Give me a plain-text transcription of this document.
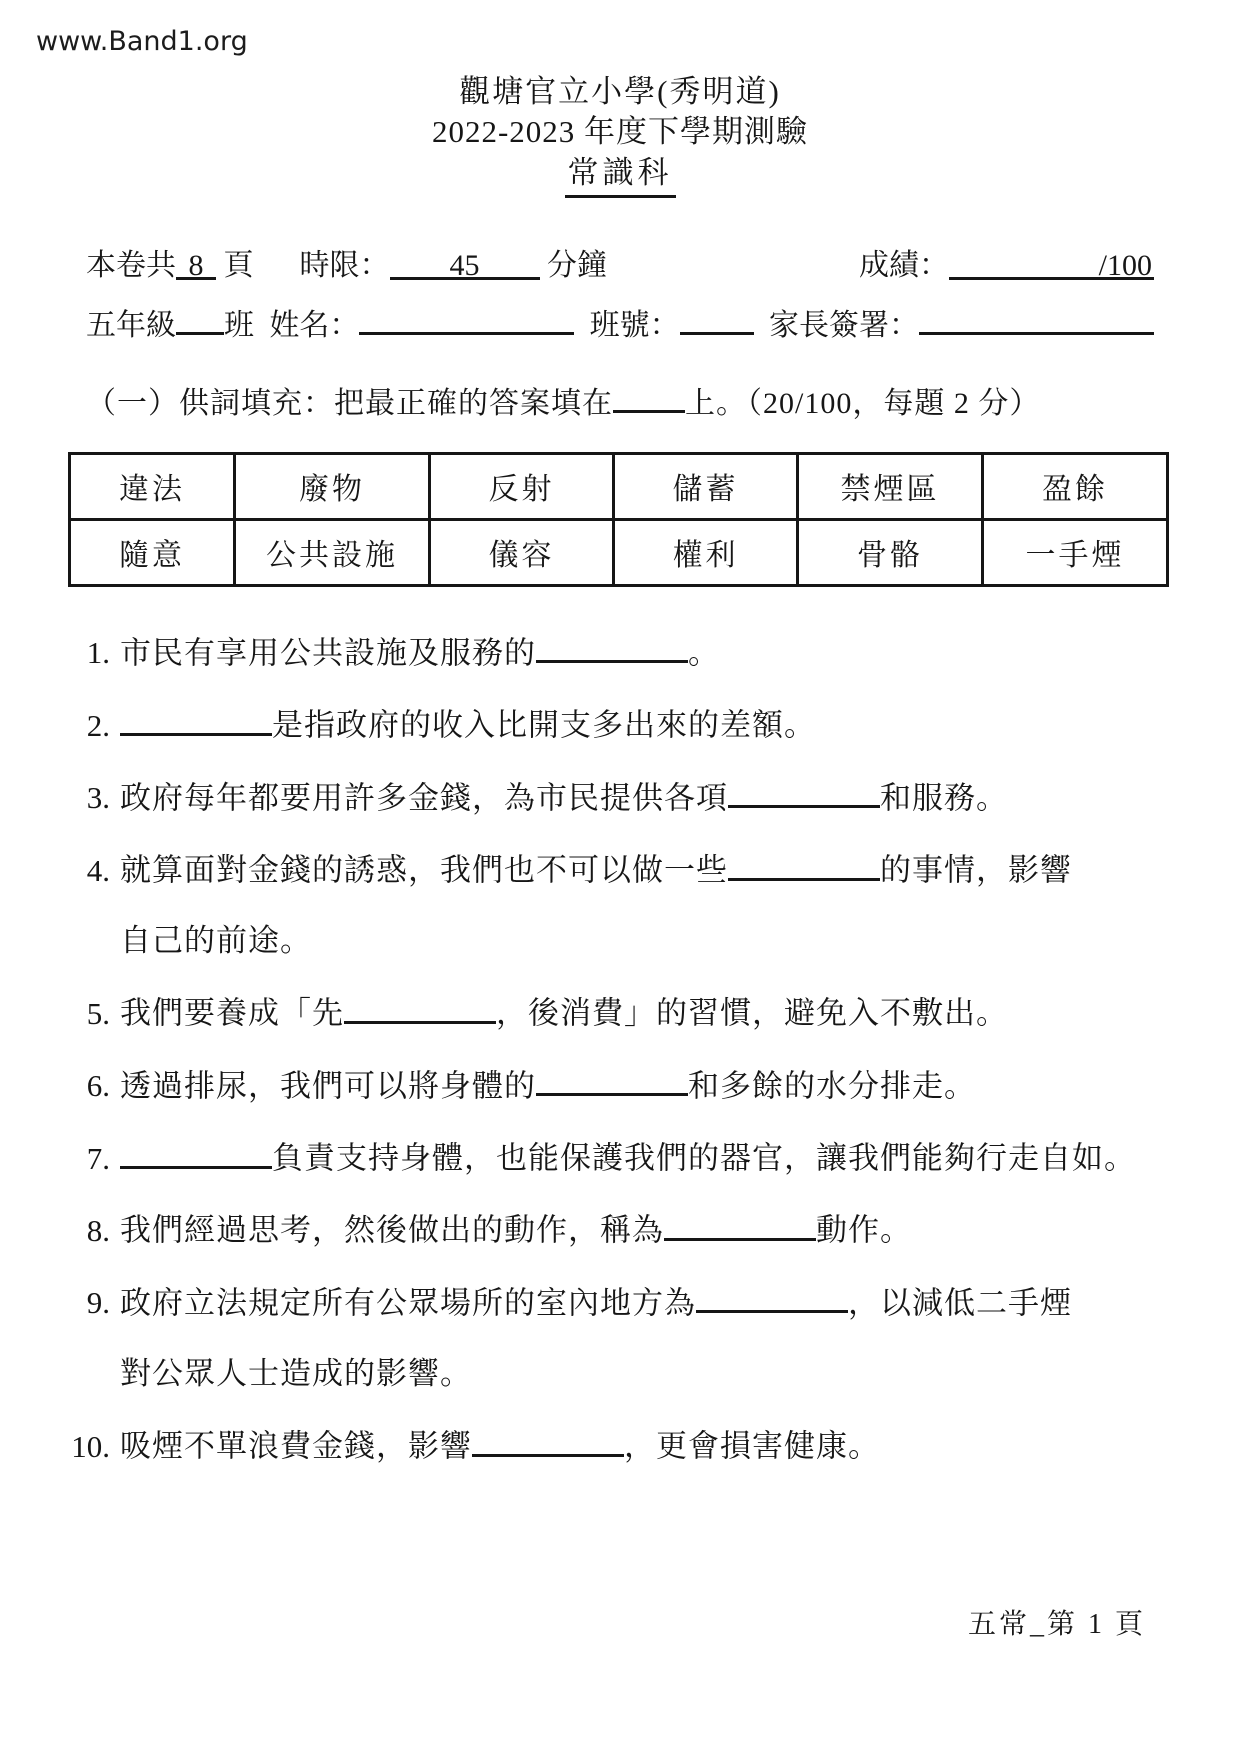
www.Band1.org
觀塘官立小學(秀明道)
2022-2023 年度下學期測驗
常識科
本卷共 8 頁 時限： 45 分鐘	成績：	/100
五年級 班 姓名：	班號：	家長簽署：
（一）供詞填充：把最正確的答案填在 上。（20/100，每題 2 分）
違法	廢物	反射	儲蓄	禁煙區	盈餘
隨意	公共設施	儀容	權利	骨骼	一手煙
1. 市民有享用公共設施及服務的	。
2.	是指政府的收入比開支多出來的差額。
3. 政府每年都要用許多金錢，為市民提供各項	和服務。
4. 就算面對金錢的誘惑，我們也不可以做一些	的事情，影響
自己的前途。
5. 我們要養成「先	，後消費」的習慣，避免入不敷出。
6. 透過排尿，我們可以將身體的	和多餘的水分排走。
7.	負責支持身體，也能保護我們的器官，讓我們能夠行走自如。
8. 我們經過思考，然後做出的動作，稱為	動作。
9. 政府立法規定所有公眾場所的室內地方為	，以減低二手煙
對公眾人士造成的影響。
10. 吸煙不單浪費金錢，影響	，更會損害健康。
五常_第 1 頁
